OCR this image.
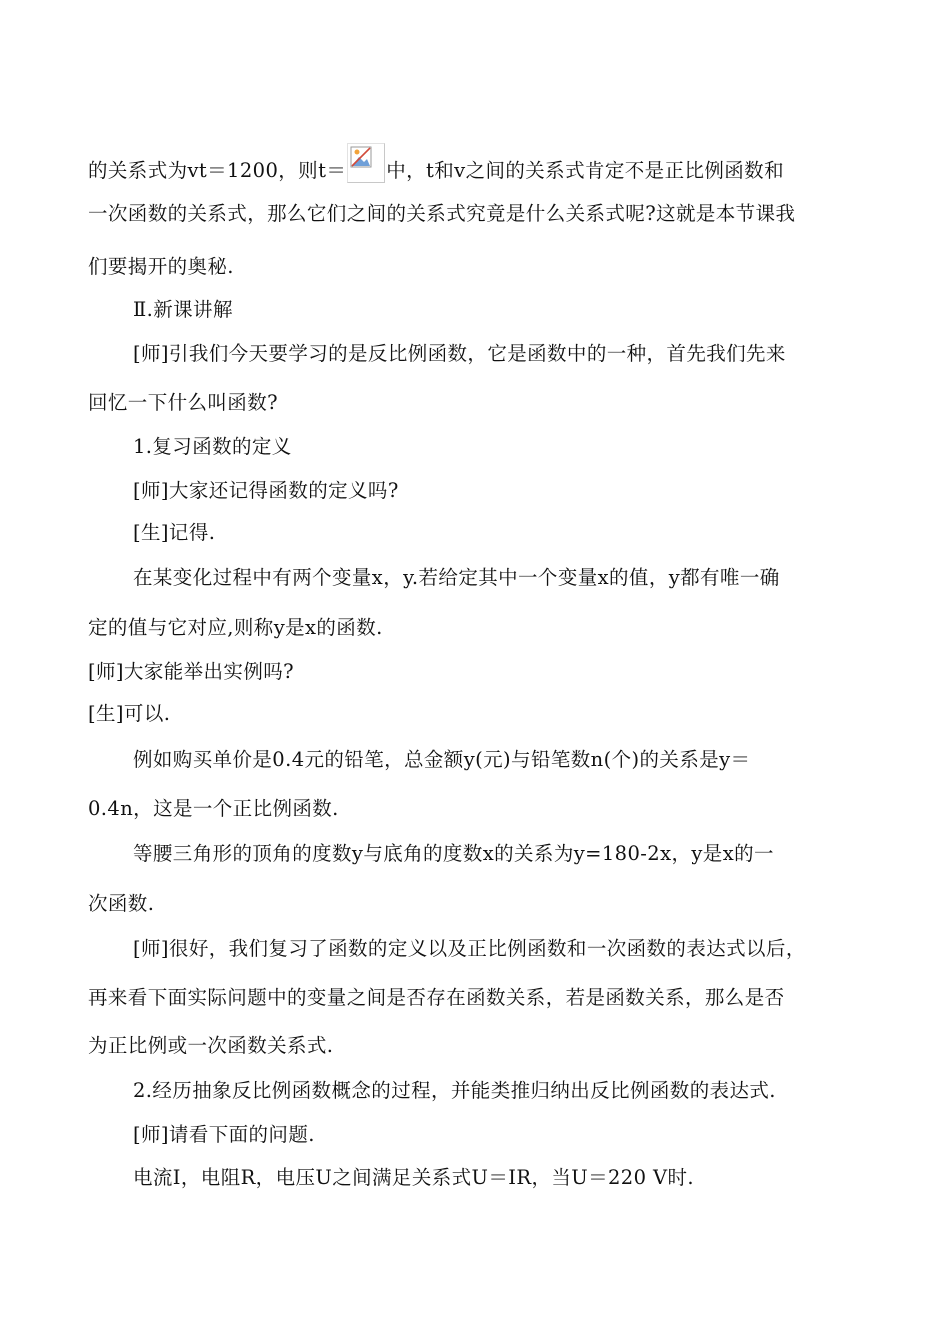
的关系式为vt＝1200，则t＝ 中，t和v之间的关系式肯定不是正比例函数和
一次函数的关系式，那么它们之间的关系式究竟是什么关系式呢?这就是本节课我
们要揭开的奥秘.
Ⅱ.新课讲解
[师]引我们今天要学习的是反比例函数，它是函数中的一种，首先我们先来
回忆一下什么叫函数?
1.复习函数的定义
[师]大家还记得函数的定义吗?
[生]记得.
在某变化过程中有两个变量x，y.若给定其中一个变量x的值，y都有唯一确
定的值与它对应,则称y是x的函数.
[师]大家能举出实例吗?
[生]可以.
例如购买单价是0.4元的铅笔，总金额y(元)与铅笔数n(个)的关系是y＝
0.4n，这是一个正比例函数.
等腰三角形的顶角的度数y与底角的度数x的关系为y=180-2x，y是x的一
次函数.
[师]很好，我们复习了函数的定义以及正比例函数和一次函数的表达式以后，
再来看下面实际问题中的变量之间是否存在函数关系，若是函数关系，那么是否
为正比例或一次函数关系式.
2.经历抽象反比例函数概念的过程，并能类推归纳出反比例函数的表达式.
[师]请看下面的问题.
电流I，电阻R，电压U之间满足关系式U＝IR，当U＝220 V时.
